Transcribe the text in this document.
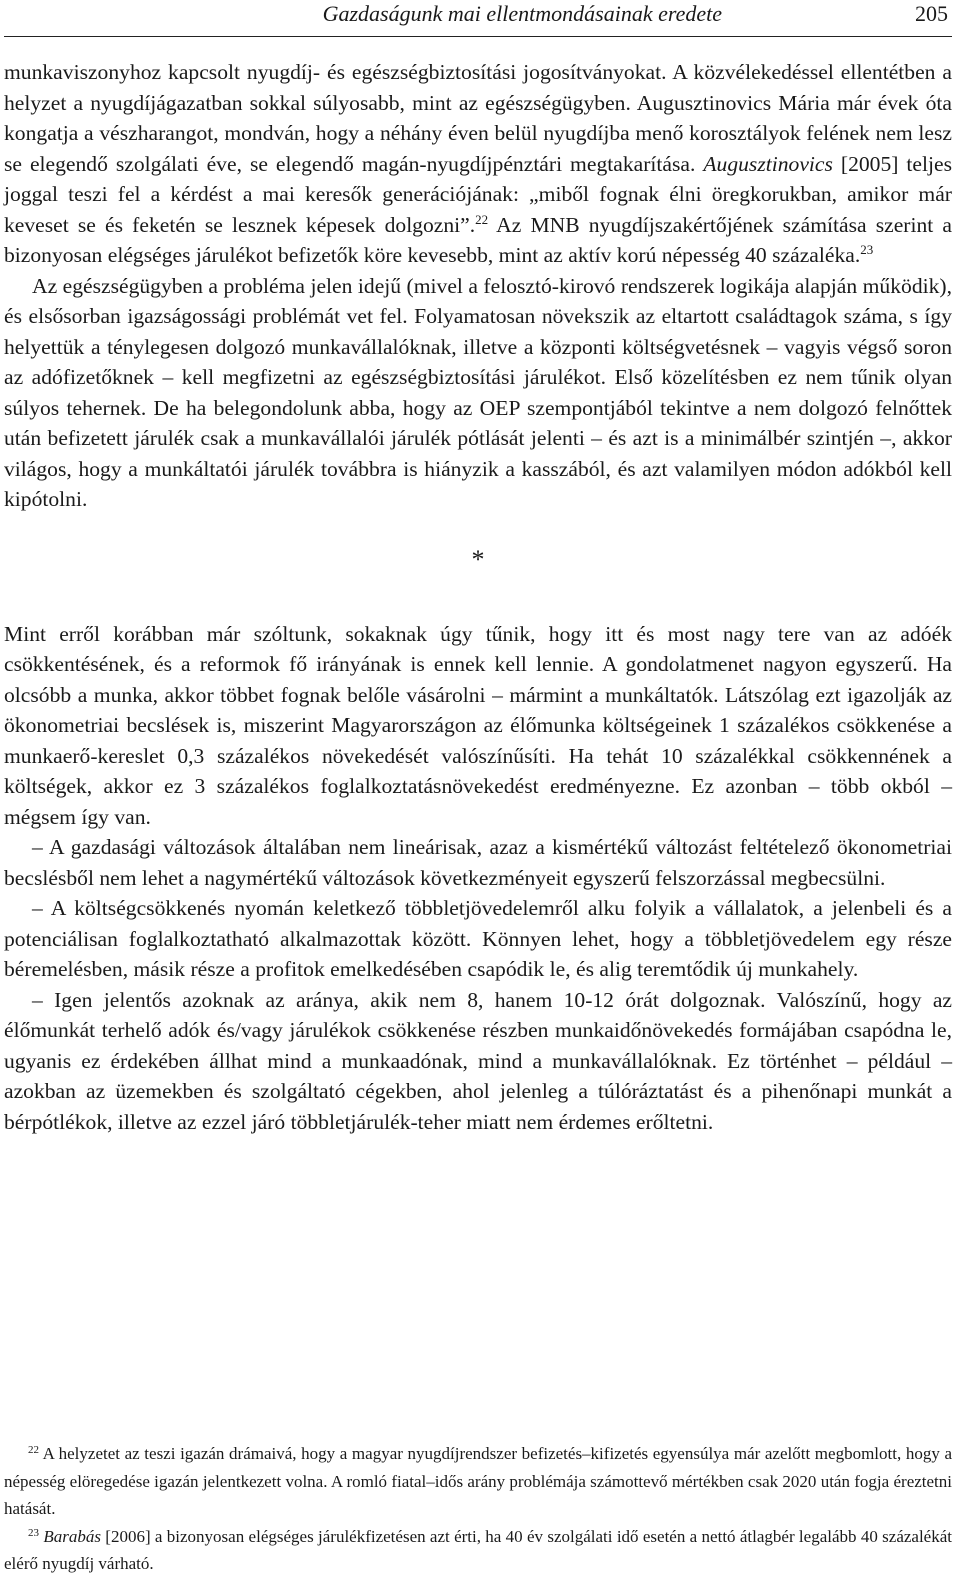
Gazdaságunk mai ellentmondásainak eredete	205

munkaviszonyhoz kapcsolt nyugdíj- és egészségbiztosítási jogosítványokat. A közvélekedéssel ellentétben a helyzet a nyugdíjágazatban sokkal súlyosabb, mint az egészségügyben. Augusztinovics Mária már évek óta kongatja a vészharangot, mondván, hogy a néhány éven belül nyugdíjba menő korosztályok felének nem lesz se elegendő szolgálati éve, se elegendő magán-nyugdíjpénztári megtakarítása. Augusztinovics [2005] teljes joggal teszi fel a kérdést a mai keresők generációjának: „miből fognak élni öregkorukban, amikor már keveset se és feketén se lesznek képesek dolgozni”.$^{22}$ Az MNB nyugdíjszakértőjének számítása szerint a bizonyosan elégséges járulékot befizetők köre kevesebb, mint az aktív korú népesség 40 százaléka.$^{23}$

Az egészségügyben a probléma jelen idejű (mivel a felosztó-kirovó rendszerek logikája alapján működik), és elsősorban igazságossági problémát vet fel. Folyamatosan növekszik az eltartott családtagok száma, s így helyettük a ténylegesen dolgozó munkavállalóknak, illetve a központi költségvetésnek – vagyis végső soron az adófizetőknek – kell megfizetni az egészségbiztosítási járulékot. Első közelítésben ez nem tűnik olyan súlyos tehernek. De ha belegondolunk abba, hogy az OEP szempontjából tekintve a nem dolgozó felnőttek után befizetett járulék csak a munkavállalói járulék pótlását jelenti – és azt is a minimálbér szintjén –, akkor világos, hogy a munkáltatói járulék továbbra is hiányzik a kasszából, és azt valamilyen módon adókból kell kipótolni.

*

Mint erről korábban már szóltunk, sokaknak úgy tűnik, hogy itt és most nagy tere van az adóék csökkentésének, és a reformok fő irányának is ennek kell lennie. A gondolatmenet nagyon egyszerű. Ha olcsóbb a munka, akkor többet fognak belőle vásárolni – mármint a munkáltatók. Látszólag ezt igazolják az ökonometriai becslések is, miszerint Magyarországon az élőmunka költségeinek 1 százalékos csökkenése a munkaerő-kereslet 0,3 százalékos növekedését valószínűsíti. Ha tehát 10 százalékkal csökkennének a költségek, akkor ez 3 százalékos foglalkoztatásnövekedést eredményezne. Ez azonban – több okból – mégsem így van.

– A gazdasági változások általában nem lineárisak, azaz a kismértékű változást feltételező ökonometriai becslésből nem lehet a nagymértékű változások következményeit egyszerű felszorzással megbecsülni.

– A költségcsökkenés nyomán keletkező többletjövedelemről alku folyik a vállalatok, a jelenbeli és a potenciálisan foglalkoztatható alkalmazottak között. Könnyen lehet, hogy a többletjövedelem egy része béremelésben, másik része a profitok emelkedésében csapódik le, és alig teremtődik új munkahely.

– Igen jelentős azoknak az aránya, akik nem 8, hanem 10-12 órát dolgoznak. Valószínű, hogy az élőmunkát terhelő adók és/vagy járulékok csökkenése részben munkaidőnövekedés formájában csapódna le, ugyanis ez érdekében állhat mind a munkaadónak, mind a munkavállalóknak. Ez történhet – például – azokban az üzemekben és szolgáltató cégekben, ahol jelenleg a túlóráztatást és a pihenőnapi munkát a bérpótlékok, illetve az ezzel járó többletjárulék-teher miatt nem érdemes erőltetni.

$^{22}$ A helyzetet az teszi igazán drámaivá, hogy a magyar nyugdíjrendszer befizetés–kifizetés egyensúlya már azelőtt megbomlott, hogy a népesség elöregedése igazán jelentkezett volna. A romló fiatal–idős arány problémája számottevő mértékben csak 2020 után fogja éreztetni hatását.

$^{23}$ Barabás [2006] a bizonyosan elégséges járulékfizetésen azt érti, ha 40 év szolgálati idő esetén a nettó átlagbér legalább 40 százalékát elérő nyugdíj várható.
